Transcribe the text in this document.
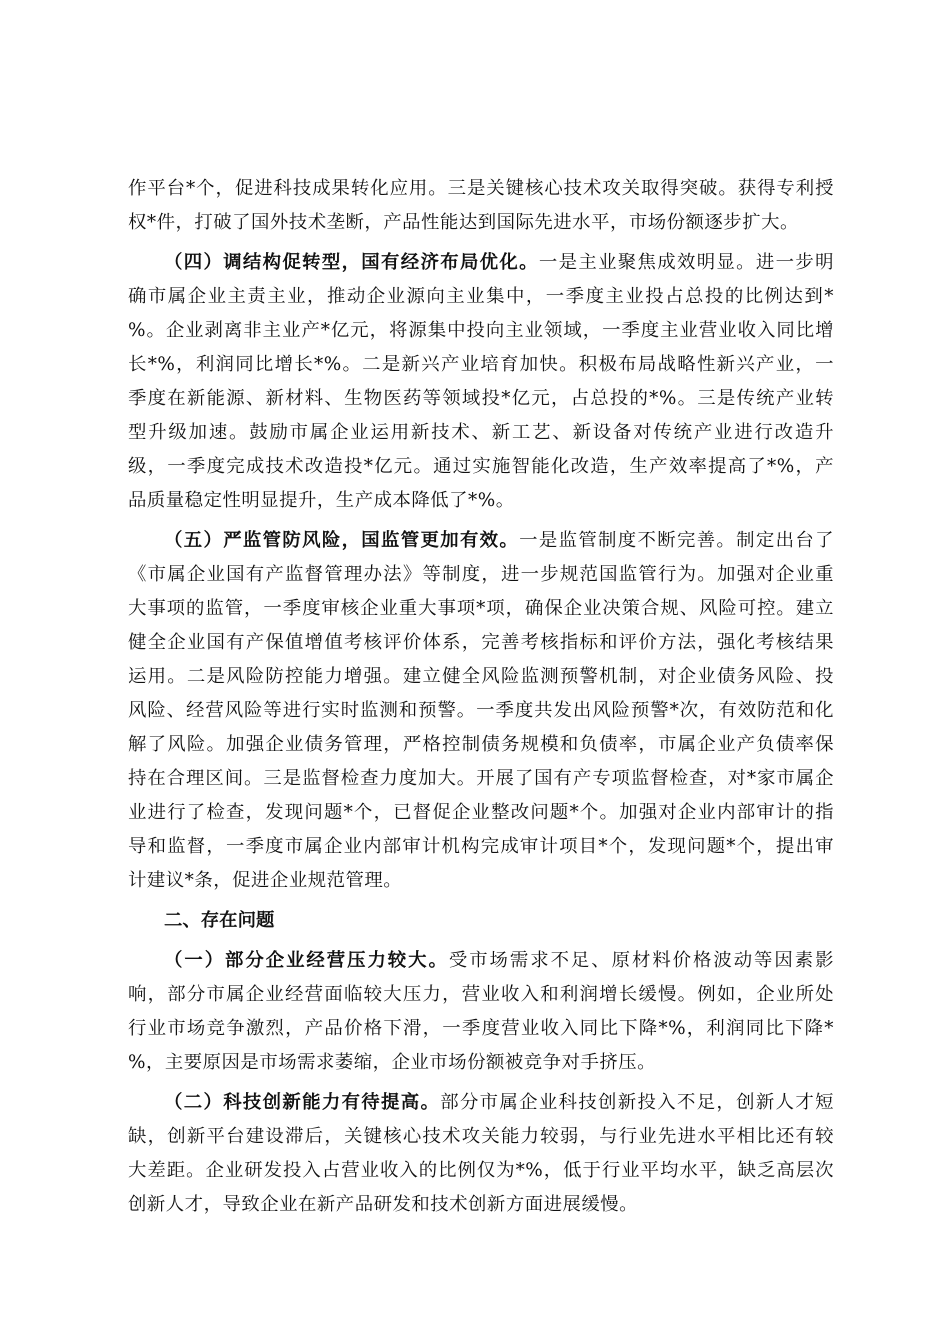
作平台*个，促进科技成果转化应用。三是关键核心技术攻关取得突破。获得专利授
权*件，打破了国外技术垄断，产品性能达到国际先进水平，市场份额逐步扩大。
（四）调结构促转型，国有经济布局优化。一是主业聚焦成效明显。进一步明
确市属企业主责主业，推动企业源向主业集中，一季度主业投占总投的比例达到*
%。企业剥离非主业产*亿元，将源集中投向主业领域，一季度主业营业收入同比增
长*%，利润同比增长*%。二是新兴产业培育加快。积极布局战略性新兴产业，一
季度在新能源、新材料、生物医药等领域投*亿元，占总投的*%。三是传统产业转
型升级加速。鼓励市属企业运用新技术、新工艺、新设备对传统产业进行改造升
级，一季度完成技术改造投*亿元。通过实施智能化改造，生产效率提高了*%，产
品质量稳定性明显提升，生产成本降低了*%。
（五）严监管防风险，国监管更加有效。一是监管制度不断完善。制定出台了
《市属企业国有产监督管理办法》等制度，进一步规范国监管行为。加强对企业重
大事项的监管，一季度审核企业重大事项*项，确保企业决策合规、风险可控。建立
健全企业国有产保值增值考核评价体系，完善考核指标和评价方法，强化考核结果
运用。二是风险防控能力增强。建立健全风险监测预警机制，对企业债务风险、投
风险、经营风险等进行实时监测和预警。一季度共发出风险预警*次，有效防范和化
解了风险。加强企业债务管理，严格控制债务规模和负债率，市属企业产负债率保
持在合理区间。三是监督检查力度加大。开展了国有产专项监督检查，对*家市属企
业进行了检查，发现问题*个，已督促企业整改问题*个。加强对企业内部审计的指
导和监督，一季度市属企业内部审计机构完成审计项目*个，发现问题*个，提出审
计建议*条，促进企业规范管理。
二、存在问题
（一）部分企业经营压力较大。受市场需求不足、原材料价格波动等因素影
响，部分市属企业经营面临较大压力，营业收入和利润增长缓慢。例如，企业所处
行业市场竞争激烈，产品价格下滑，一季度营业收入同比下降*%，利润同比下降*
%，主要原因是市场需求萎缩，企业市场份额被竞争对手挤压。
（二）科技创新能力有待提高。部分市属企业科技创新投入不足，创新人才短
缺，创新平台建设滞后，关键核心技术攻关能力较弱，与行业先进水平相比还有较
大差距。企业研发投入占营业收入的比例仅为*%，低于行业平均水平，缺乏高层次
创新人才，导致企业在新产品研发和技术创新方面进展缓慢。
